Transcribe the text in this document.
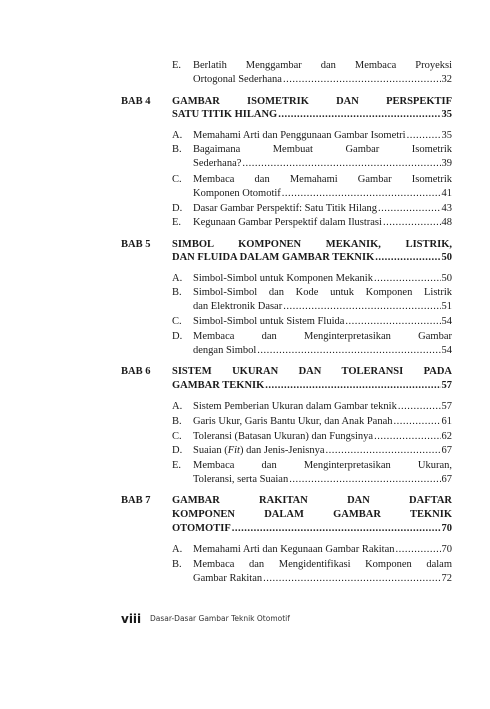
E. Berlatih Menggambar dan Membaca Proyeksi
Ortogonal Sederhana .....	32
BAB 4 GAMBAR ISOMETRIK DAN PERSPEKTIF
SATU TITIK HILANG .....	35
A. Memahami Arti dan Penggunaan Gambar Isometri .....	35
B. Bagaimana Membuat Gambar Isometrik
Sederhana? .....	39
C. Membaca dan Memahami Gambar Isometrik
Komponen Otomotif .....	41
D. Dasar Gambar Perspektif: Satu Titik Hilang .....	43
E. Kegunaan Gambar Perspektif dalam Ilustrasi .....	48
BAB 5 SIMBOL KOMPONEN MEKANIK, LISTRIK,
DAN FLUIDA DALAM GAMBAR TEKNIK .....	50
A. Simbol-Simbol untuk Komponen Mekanik .....	50
B. Simbol-Simbol dan Kode untuk Komponen Listrik
dan Elektronik Dasar .....	51
C. Simbol-Simbol untuk Sistem Fluida .....	54
D. Membaca dan Menginterpretasikan Gambar
dengan Simbol .....	54
BAB 6 SISTEM UKURAN DAN TOLERANSI PADA
GAMBAR TEKNIK .....	57
A. Sistem Pemberian Ukuran dalam Gambar teknik .....	57
B. Garis Ukur, Garis Bantu Ukur, dan Anak Panah .....	61
C. Toleransi (Batasan Ukuran) dan Fungsinya .....	62
D. Suaian (Fit) dan Jenis-Jenisnya .....	67
E. Membaca dan Menginterpretasikan Ukuran,
Toleransi, serta Suaian .....	67
BAB 7 GAMBAR RAKITAN DAN DAFTAR
KOMPONEN DALAM GAMBAR TEKNIK
OTOMOTIF .....	70
A. Memahami Arti dan Kegunaan Gambar Rakitan .....	70
B. Membaca dan Mengidentifikasi Komponen dalam
Gambar Rakitan .....	72
viii Dasar-Dasar Gambar Teknik Otomotif
